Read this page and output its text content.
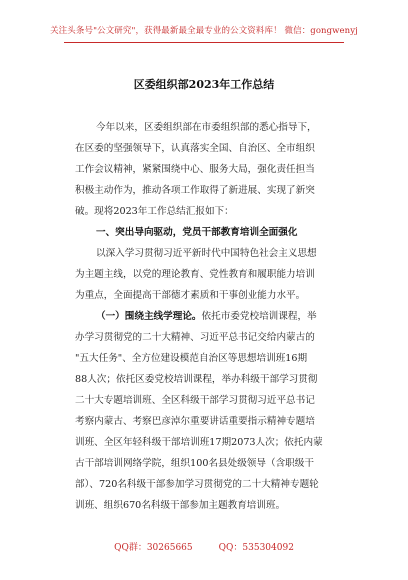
关注头条号"公文研究"，获得最新最全最专业的公文资料库！ 微信：gongwenyj
区委组织部2023年工作总结
今年以来，区委组织部在市委组织部的悉心指导下，
在区委的坚强领导下，认真落实全国、自治区、全市组织
工作会议精神，紧紧围绕中心、服务大局，强化责任担当
积极主动作为，推动各项工作取得了新进展、实现了新突
破。现将2023年工作总结汇报如下：
一、突出导向驱动，党员干部教育培训全面强化
以深入学习贯彻习近平新时代中国特色社会主义思想
为主题主线，以党的理论教育、党性教育和履职能力培训
为重点，全面提高干部德才素质和干事创业能力水平。
（一）围绕主线学理论。依托市委党校培训课程，举
办学习贯彻党的二十大精神、习近平总书记交给内蒙古的
"五大任务"、全方位建设模范自治区等思想培训班16期
88人次；依托区委党校培训课程，举办科级干部学习贯彻
二十大专题培训班、全区科级干部学习贯彻习近平总书记
考察内蒙古、考察巴彦淖尔重要讲话重要指示精神专题培
训班、全区年轻科级干部培训班17期2073人次；依托内蒙
古干部培训网络学院，组织100名县处级领导（含职级干
部）、720名科级干部参加学习贯彻党的二十大精神专题轮
训班、组织670名科级干部参加主题教育培训班。
QQ群：30265665	QQ：535304092
